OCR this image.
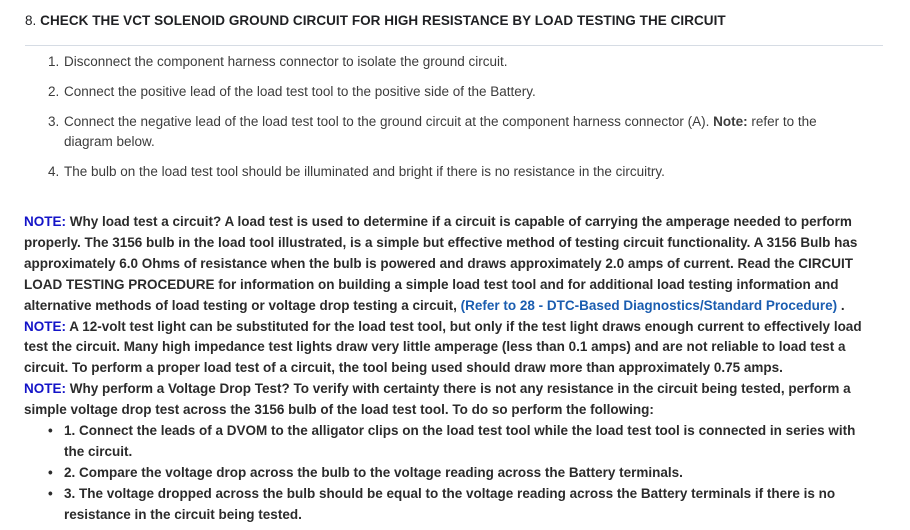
8. CHECK THE VCT SOLENOID GROUND CIRCUIT FOR HIGH RESISTANCE BY LOAD TESTING THE CIRCUIT
1. Disconnect the component harness connector to isolate the ground circuit.
2. Connect the positive lead of the load test tool to the positive side of the Battery.
3. Connect the negative lead of the load test tool to the ground circuit at the component harness connector (A). Note: refer to the diagram below.
4. The bulb on the load test tool should be illuminated and bright if there is no resistance in the circuitry.
NOTE: Why load test a circuit? A load test is used to determine if a circuit is capable of carrying the amperage needed to perform properly. The 3156 bulb in the load tool illustrated, is a simple but effective method of testing circuit functionality. A 3156 Bulb has approximately 6.0 Ohms of resistance when the bulb is powered and draws approximately 2.0 amps of current. Read the CIRCUIT LOAD TESTING PROCEDURE for information on building a simple load test tool and for additional load testing information and alternative methods of load testing or voltage drop testing a circuit, (Refer to 28 - DTC-Based Diagnostics/Standard Procedure) .
NOTE: A 12-volt test light can be substituted for the load test tool, but only if the test light draws enough current to effectively load test the circuit. Many high impedance test lights draw very little amperage (less than 0.1 amps) and are not reliable to load test a circuit. To perform a proper load test of a circuit, the tool being used should draw more than approximately 0.75 amps.
NOTE: Why perform a Voltage Drop Test? To verify with certainty there is not any resistance in the circuit being tested, perform a simple voltage drop test across the 3156 bulb of the load test tool. To do so perform the following:
• 1. Connect the leads of a DVOM to the alligator clips on the load test tool while the load test tool is connected in series with the circuit.
• 2. Compare the voltage drop across the bulb to the voltage reading across the Battery terminals.
• 3. The voltage dropped across the bulb should be equal to the voltage reading across the Battery terminals if there is no resistance in the circuit being tested.
